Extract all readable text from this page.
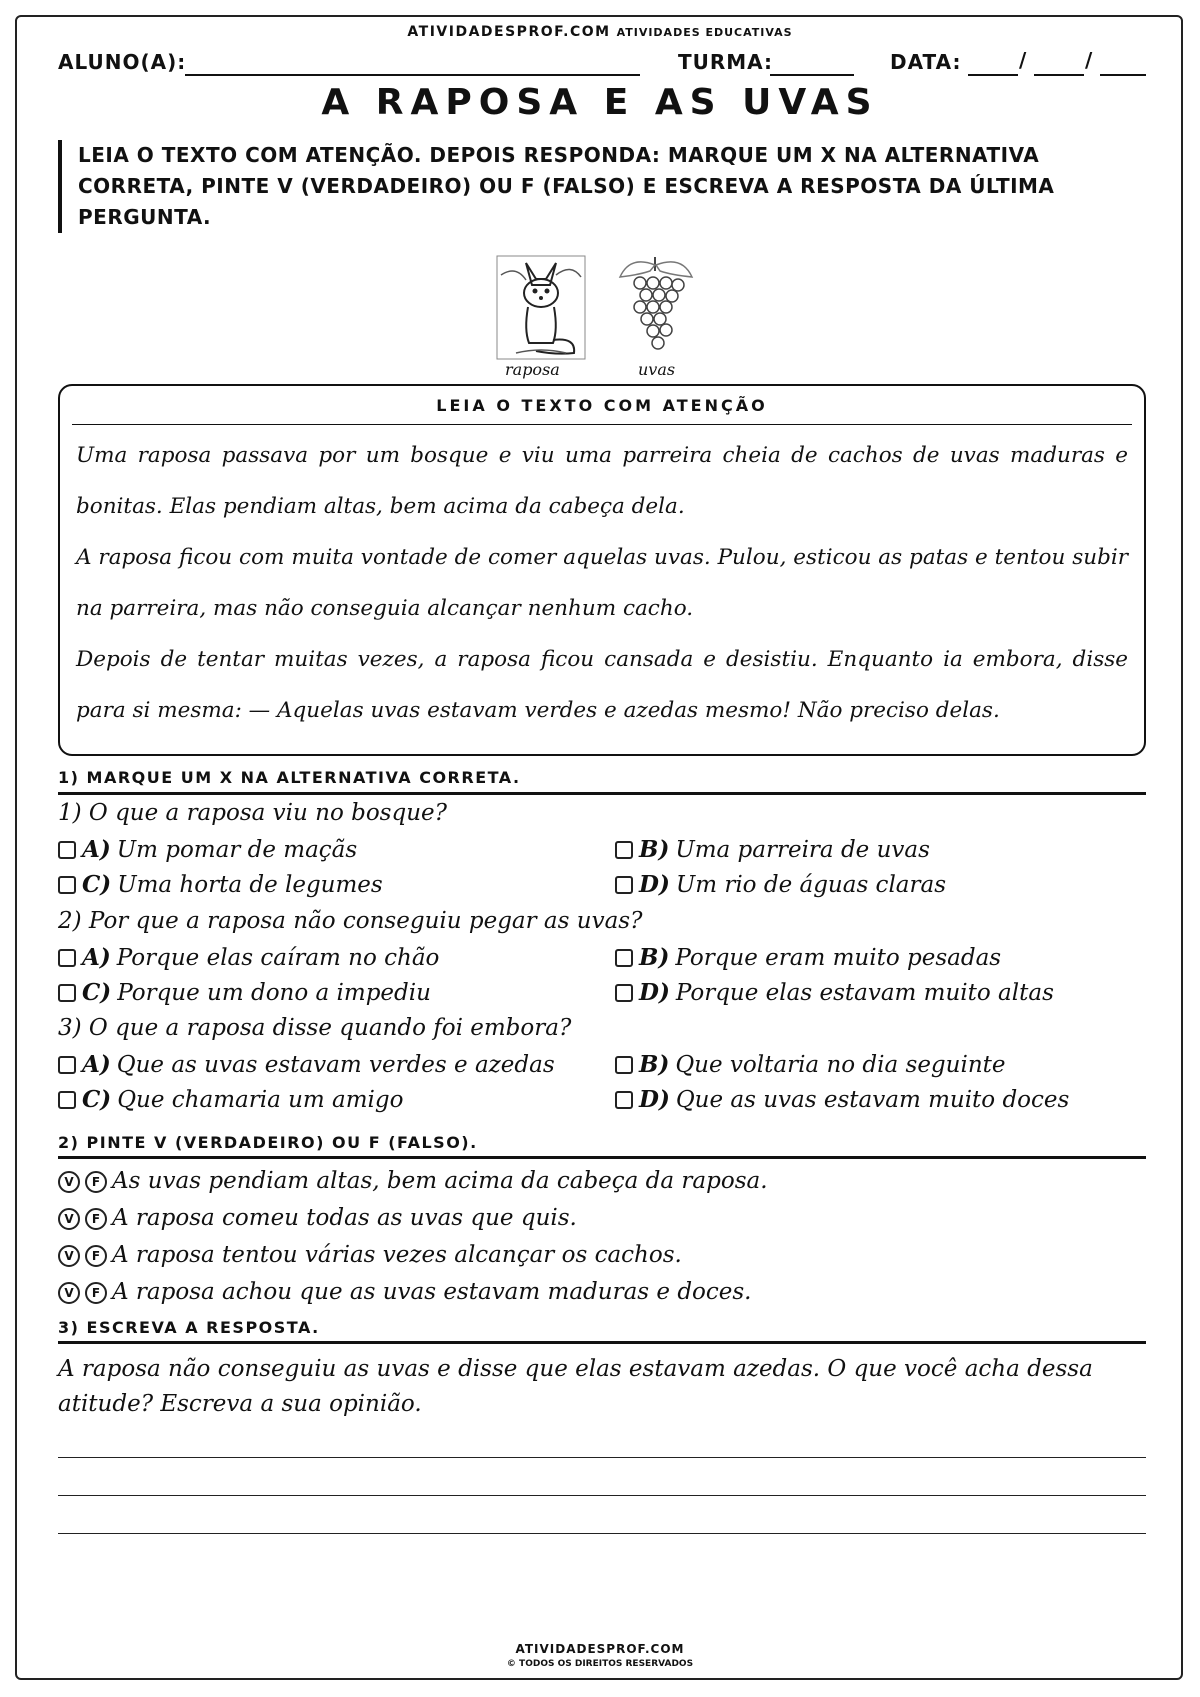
ATIVIDADESPROF.COM ATIVIDADES EDUCATIVAS
ALUNO(A):	TURMA:	DATA:	/	/
A RAPOSA E AS UVAS
LEIA O TEXTO COM ATENÇÃO. DEPOIS RESPONDA: MARQUE UM X NA ALTERNATIVA CORRETA, PINTE V (VERDADEIRO) OU F (FALSO) E ESCREVA A RESPOSTA DA ÚLTIMA PERGUNTA.
raposa	uvas
LEIA O TEXTO COM ATENÇÃO

Uma raposa passava por um bosque e viu uma parreira cheia de cachos de uvas maduras e bonitas. Elas pendiam altas, bem acima da cabeça dela.

A raposa ficou com muita vontade de comer aquelas uvas. Pulou, esticou as patas e tentou subir na parreira, mas não conseguia alcançar nenhum cacho.

Depois de tentar muitas vezes, a raposa ficou cansada e desistiu. Enquanto ia embora, disse para si mesma: — Aquelas uvas estavam verdes e azedas mesmo! Não preciso delas.

1) MARQUE UM X NA ALTERNATIVA CORRETA.
1) O que a raposa viu no bosque?
A) Um pomar de maçãs	B) Uma parreira de uvas
C) Uma horta de legumes	D) Um rio de águas claras
2) Por que a raposa não conseguiu pegar as uvas?
A) Porque elas caíram no chão	B) Porque eram muito pesadas
C) Porque um dono a impediu	D) Porque elas estavam muito altas
3) O que a raposa disse quando foi embora?
A) Que as uvas estavam verdes e azedas	B) Que voltaria no dia seguinte
C) Que chamaria um amigo	D) Que as uvas estavam muito doces
2) PINTE V (VERDADEIRO) OU F (FALSO).
V F As uvas pendiam altas, bem acima da cabeça da raposa.
V F A raposa comeu todas as uvas que quis.
V F A raposa tentou várias vezes alcançar os cachos.
V F A raposa achou que as uvas estavam maduras e doces.
3) ESCREVA A RESPOSTA.
A raposa não conseguiu as uvas e disse que elas estavam azedas. O que você acha dessa atitude? Escreva a sua opinião.
ATIVIDADESPROF.COM
© TODOS OS DIREITOS RESERVADOS
